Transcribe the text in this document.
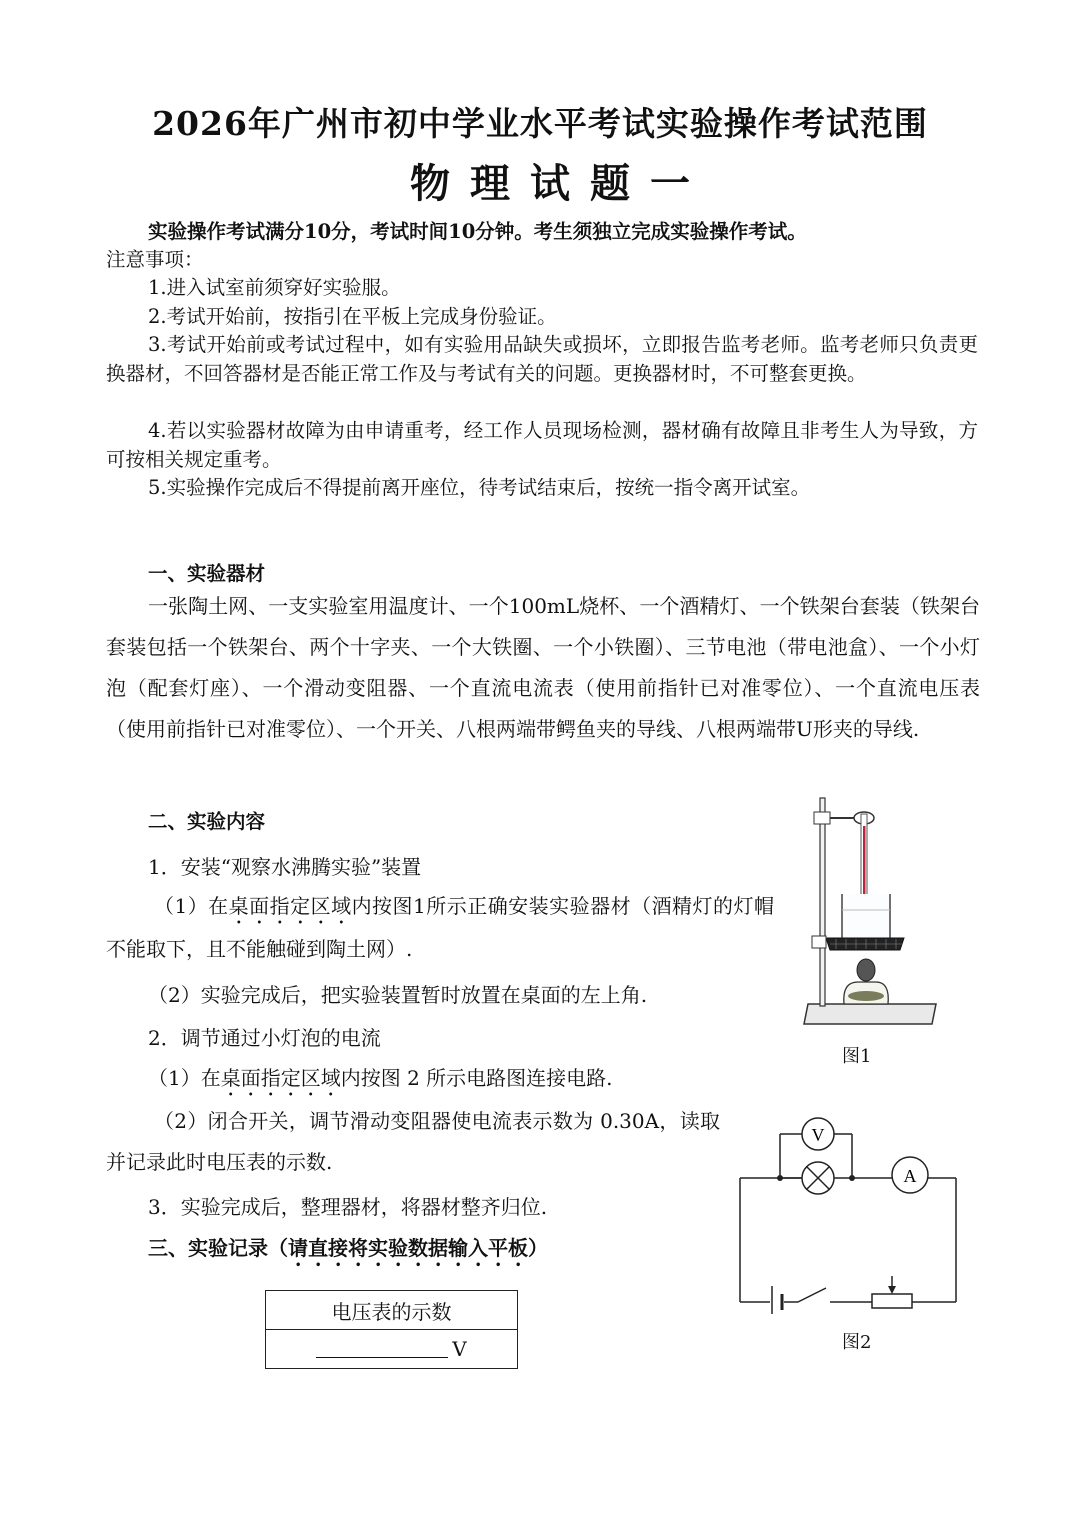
2026年广州市初中学业水平考试实验操作考试范围
物理试题一

实验操作考试满分10分，考试时间10分钟。考生须独立完成实验操作考试。

注意事项：

1.进入试室前须穿好实验服。

2.考试开始前，按指引在平板上完成身份验证。

3.考试开始前或考试过程中，如有实验用品缺失或损坏，立即报告监考老师。监考老师只负责更换器材，不回答器材是否能正常工作及与考试有关的问题。更换器材时，不可整套更换。

4.若以实验器材故障为由申请重考，经工作人员现场检测，器材确有故障且非考生人为导致，方可按相关规定重考。

5.实验操作完成后不得提前离开座位，待考试结束后，按统一指令离开试室。

一、实验器材

一张陶土网、一支实验室用温度计、一个100mL烧杯、一个酒精灯、一个铁架台套装（铁架台套装包括一个铁架台、两个十字夹、一个大铁圈、一个小铁圈）、三节电池（带电池盒）、一个小灯泡（配套灯座）、一个滑动变阻器、一个直流电流表（使用前指针已对准零位）、一个直流电压表（使用前指针已对准零位）、一个开关、八根两端带鳄鱼夹的导线、八根两端带U形夹的导线.

二、实验内容

1．安装“观察水沸腾实验”装置

（1）在桌面指定区域内按图1所示正确安装实验器材（酒精灯的灯帽不能取下，且不能触碰到陶土网）.

（2）实验完成后，把实验装置暂时放置在桌面的左上角.

2．调节通过小灯泡的电流

（1）在桌面指定区域内按图 2 所示电路图连接电路.

（2）闭合开关，调节滑动变阻器使电流表示数为 0.30A，读取并记录此时电压表的示数.

3．实验完成后，整理器材，将器材整齐归位.

三、实验记录（请直接将实验数据输入平板）

电压表的示数
V

图1

V
A

图2
